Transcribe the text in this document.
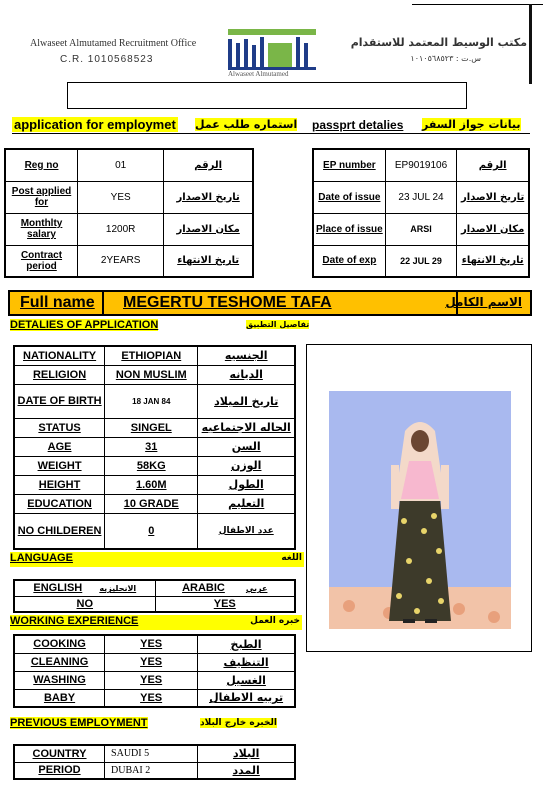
Alwaseet Almutamed Recruitment Office
C.R. 1010568523
Alwaseet Almutamed
مكتب الوسيط المعتمد للاستقدام
س.ت : ١٠١٠٥٦٨٥٢٣
application for employmet استماره طلب عمل passprt detalies بيانات جواز السفر
Reg no	01	الرقم
Post applied for	YES	تاريخ الاصدار
Monthlty salary	1200R	مكان الاصدار
Contract period	2YEARS	تاريخ الانتهاء
EP number	EP9019106	الرقم
Date of issue	23 JUL 24	تاريخ الاصدار
Place of issue	ARSI	مكان الاصدار
Date of exp	22 JUL 29	تاريخ الانتهاء
Full name MEGERTU TESHOME TAFA	الاسم الكامل
DETALIES OF APPLICATION	تفاصيل التطبيق
NATIONALITY	ETHIOPIAN	الجنسيه
RELIGION	NON MUSLIM	الديانه
DATE OF BIRTH	18 JAN 84	تاريخ الميلاد
STATUS	SINGEL	الحاله الاجتماعيه
AGE	31	السن
WEIGHT	58KG	الوزن
HEIGHT	1.60M	الطول
EDUCATION	10 GRADE	التعليم
NO CHILDEREN	0	عدد الاطفال
LANGUAGE	اللغه
ENGLISH الانجليزيه	ARABIC عربي
NO	YES
WORKING EXPERIENCE	خبره العمل
COOKING	YES	الطبخ
CLEANING	YES	التنظيف
WASHING	YES	الغسيل
BABY	YES	تربيه الاطفال
PREVIOUS EMPLOYMENT	الخبره خارج البلاد
COUNTRY	SAUDI 5	البلاد
PERIOD	DUBAI 2	المدد
